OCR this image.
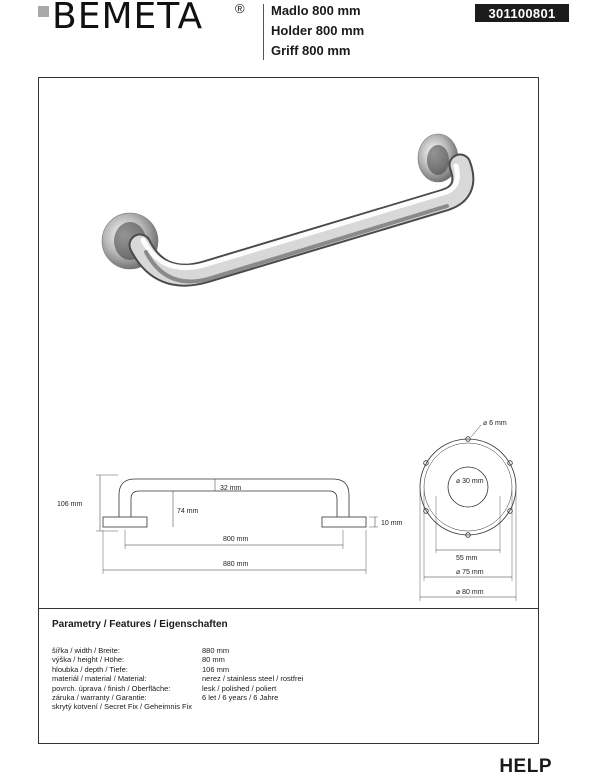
BEMETA ® Madlo 800 mm
Holder 800 mm
Griff 800 mm
301100801
106 mm
74 mm
32 mm
10 mm
800 mm
880 mm
⌀ 6 mm
⌀ 30 mm
55 mm
⌀ 75 mm
⌀ 80 mm
Parametry / Features / Eigenschaften
šířka / width / Breite:	880 mm
výška / height / Höhe:	80 mm
hloubka / depth / Tiefe:	106 mm
materiál / material / Material:	nerez / stainless steel / rostfrei
povrch. úprava / finish / Oberfläche:	lesk / polished / poliert
záruka / warranty / Garantie:	6 let / 6 years / 6 Jahre
skrytý kotvení / Secret Fix / Geheimnis Fix
HELP
